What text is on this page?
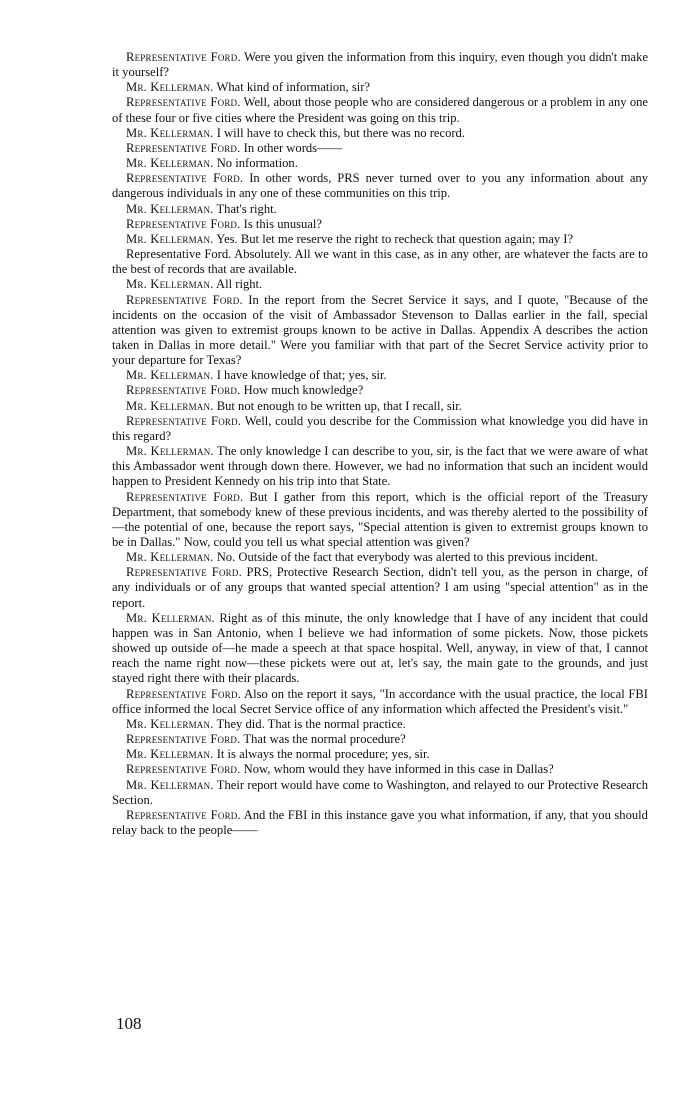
Representative Ford. Were you given the information from this inquiry, even though you didn't make it yourself?

Mr. Kellerman. What kind of information, sir?

Representative Ford. Well, about those people who are considered dangerous or a problem in any one of these four or five cities where the President was going on this trip.

Mr. Kellerman. I will have to check this, but there was no record.

Representative Ford. In other words——

Mr. Kellerman. No information.

Representative Ford. In other words, PRS never turned over to you any information about any dangerous individuals in any one of these communities on this trip.

Mr. Kellerman. That's right.

Representative Ford. Is this unusual?

Mr. Kellerman. Yes. But let me reserve the right to recheck that question again; may I?

Representative Ford. Absolutely. All we want in this case, as in any other, are whatever the facts are to the best of records that are available.

Mr. Kellerman. All right.

Representative Ford. In the report from the Secret Service it says, and I quote, "Because of the incidents on the occasion of the visit of Ambassador Stevenson to Dallas earlier in the fall, special attention was given to extremist groups known to be active in Dallas. Appendix A describes the action taken in Dallas in more detail." Were you familiar with that part of the Secret Service activity prior to your departure for Texas?

Mr. Kellerman. I have knowledge of that; yes, sir.

Representative Ford. How much knowledge?

Mr. Kellerman. But not enough to be written up, that I recall, sir.

Representative Ford. Well, could you describe for the Commission what knowledge you did have in this regard?

Mr. Kellerman. The only knowledge I can describe to you, sir, is the fact that we were aware of what this Ambassador went through down there. However, we had no information that such an incident would happen to President Kennedy on his trip into that State.

Representative Ford. But I gather from this report, which is the official report of the Treasury Department, that somebody knew of these previous incidents, and was thereby alerted to the possibility of—the potential of one, because the report says, "Special attention is given to extremist groups known to be in Dallas." Now, could you tell us what special attention was given?

Mr. Kellerman. No. Outside of the fact that everybody was alerted to this previous incident.

Representative Ford. PRS, Protective Research Section, didn't tell you, as the person in charge, of any individuals or of any groups that wanted special attention? I am using "special attention" as in the report.

Mr. Kellerman. Right as of this minute, the only knowledge that I have of any incident that could happen was in San Antonio, when I believe we had information of some pickets. Now, those pickets showed up outside of—he made a speech at that space hospital. Well, anyway, in view of that, I cannot reach the name right now—these pickets were out at, let's say, the main gate to the grounds, and just stayed right there with their placards.

Representative Ford. Also on the report it says, "In accordance with the usual practice, the local FBI office informed the local Secret Service office of any information which affected the President's visit."

Mr. Kellerman. They did. That is the normal practice.

Representative Ford. That was the normal procedure?

Mr. Kellerman. It is always the normal procedure; yes, sir.

Representative Ford. Now, whom would they have informed in this case in Dallas?

Mr. Kellerman. Their report would have come to Washington, and relayed to our Protective Research Section.

Representative Ford. And the FBI in this instance gave you what information, if any, that you should relay back to the people——

108
